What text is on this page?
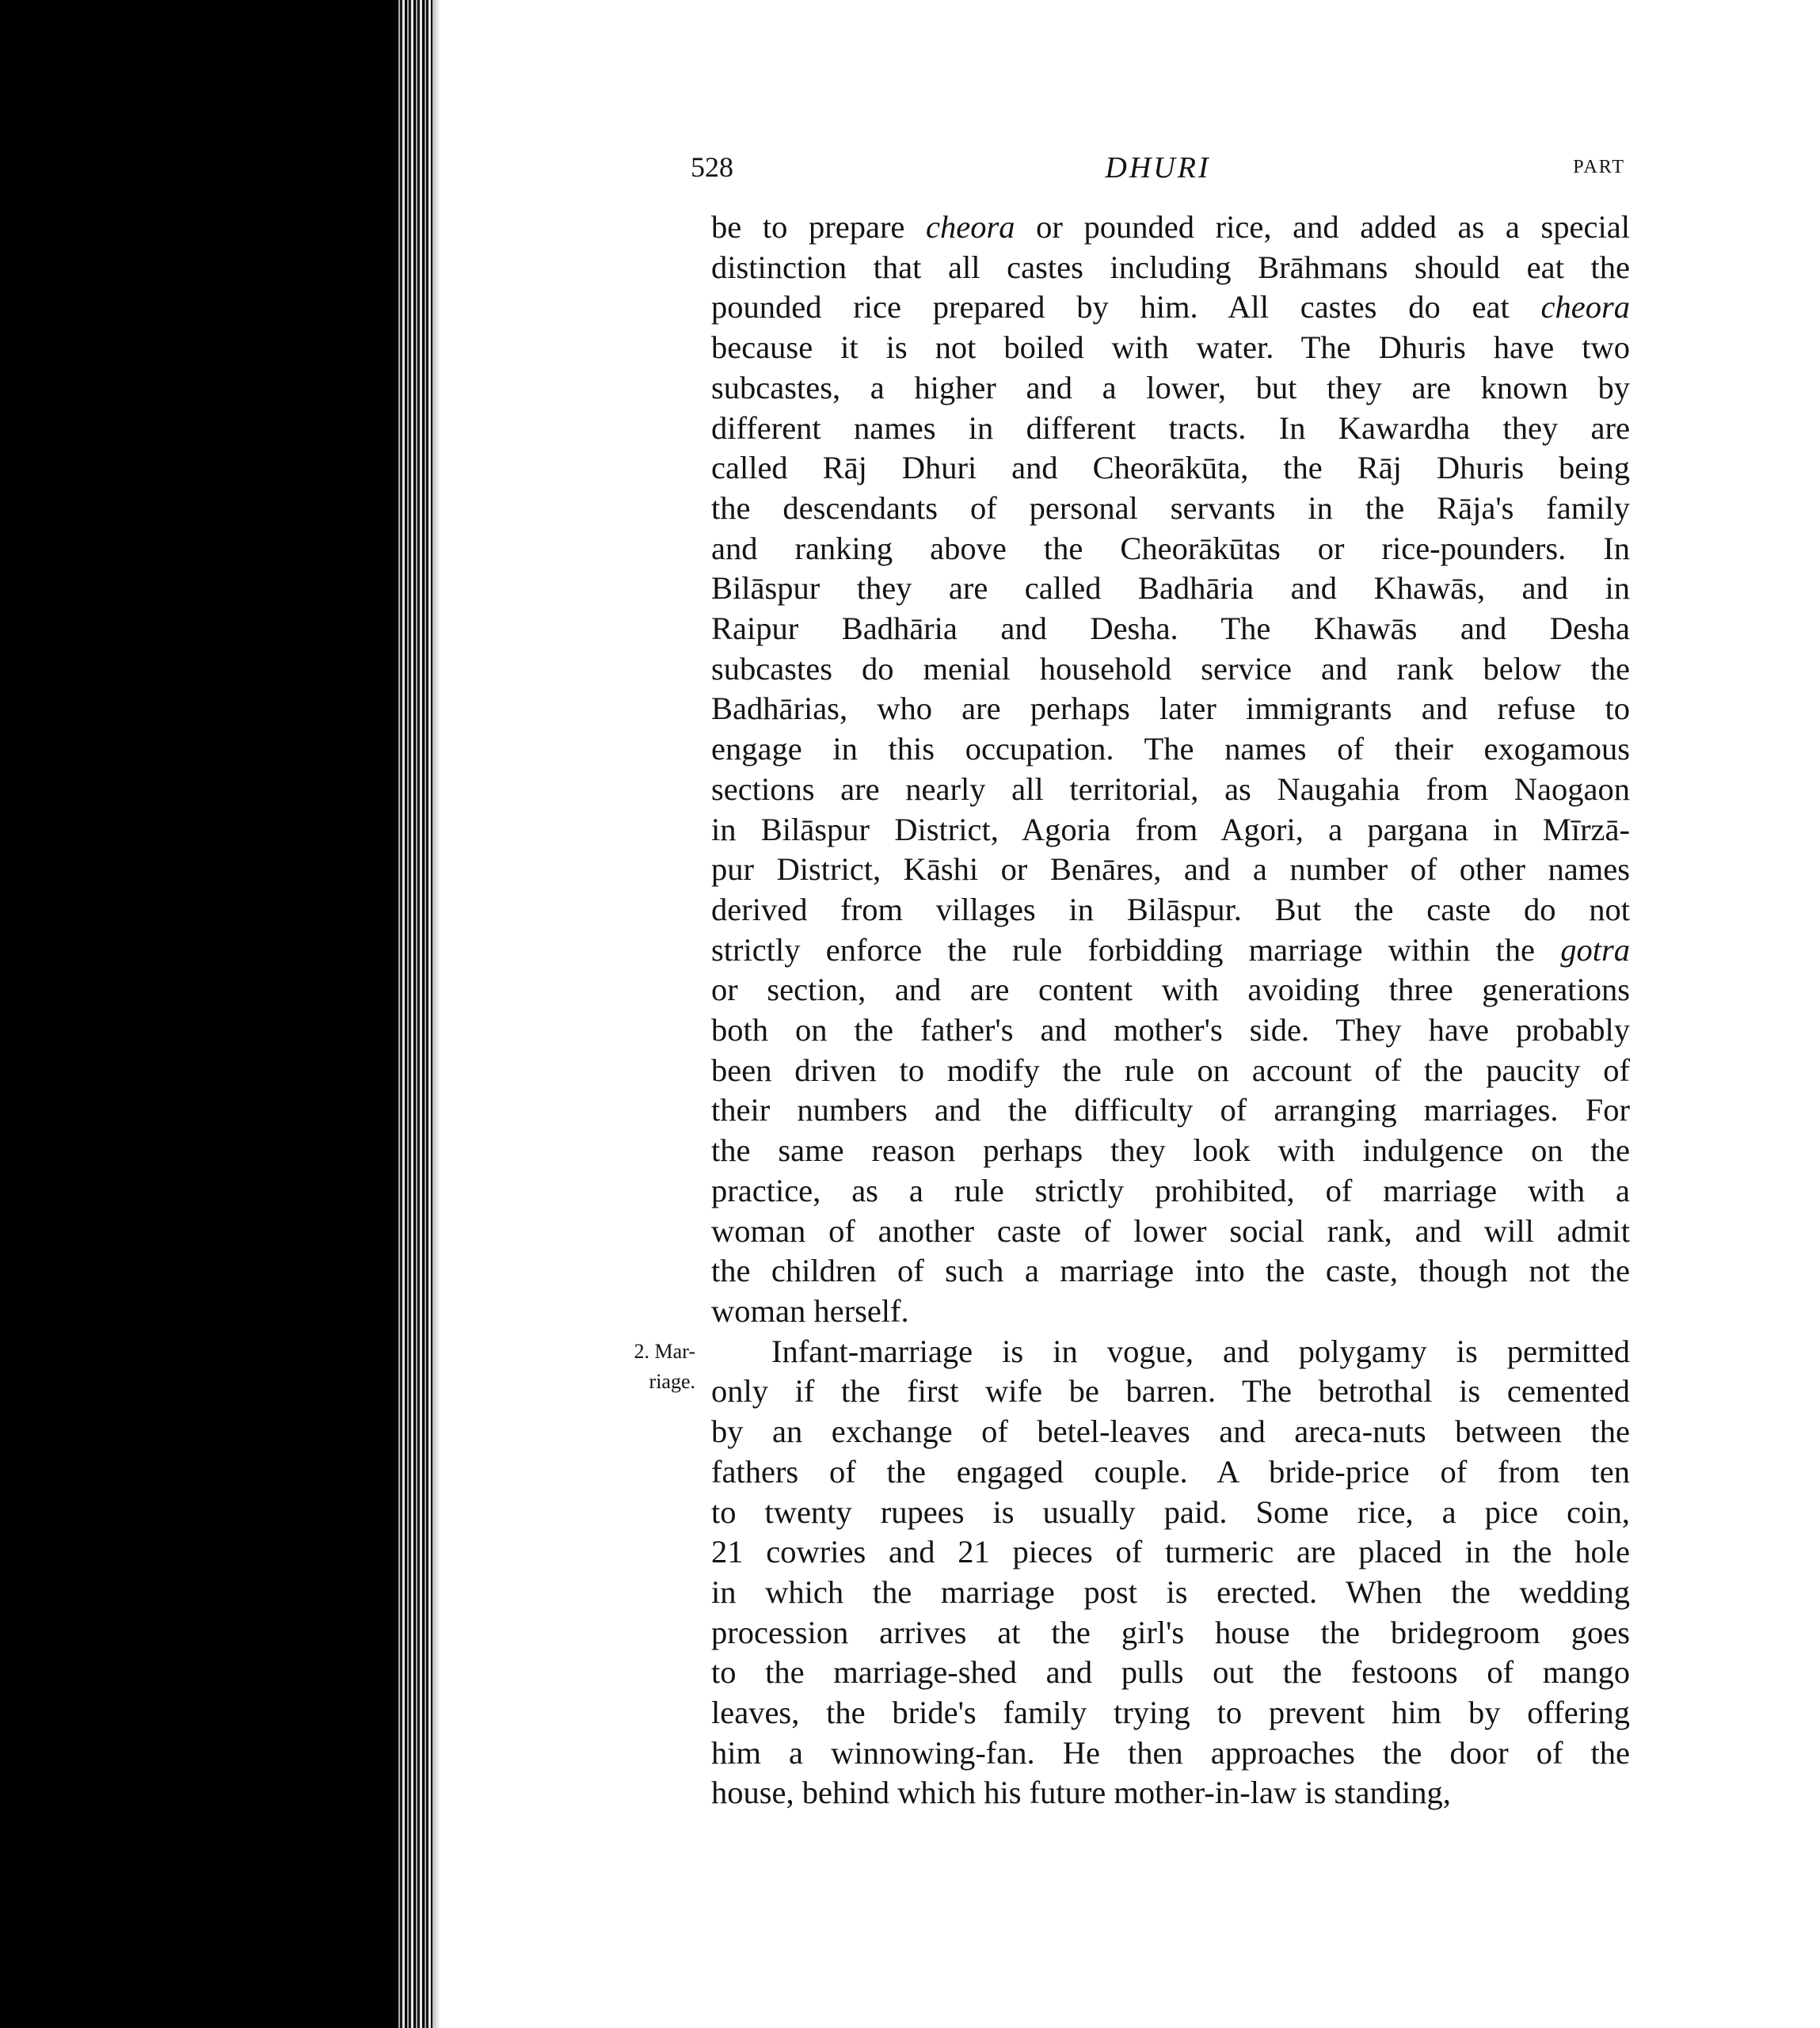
528	DHURI	PART
2. Mar-
riage.

be to prepare cheora or pounded rice, and added as a special
distinction that all castes including Brāhmans should eat the
pounded rice prepared by him. All castes do eat cheora
because it is not boiled with water. The Dhuris have two
subcastes, a higher and a lower, but they are known by
different names in different tracts. In Kawardha they are
called Rāj Dhuri and Cheorākūta, the Rāj Dhuris being
the descendants of personal servants in the Rāja's family
and ranking above the Cheorākūtas or rice-pounders. In
Bilāspur they are called Badhāria and Khawās, and in
Raipur Badhāria and Desha. The Khawās and Desha
subcastes do menial household service and rank below the
Badhārias, who are perhaps later immigrants and refuse to
engage in this occupation. The names of their exogamous
sections are nearly all territorial, as Naugahia from Naogaon
in Bilāspur District, Agoria from Agori, a pargana in Mīrzā-
pur District, Kāshi or Benāres, and a number of other names
derived from villages in Bilāspur. But the caste do not
strictly enforce the rule forbidding marriage within the gotra
or section, and are content with avoiding three generations
both on the father's and mother's side. They have probably
been driven to modify the rule on account of the paucity of
their numbers and the difficulty of arranging marriages. For
the same reason perhaps they look with indulgence on the
practice, as a rule strictly prohibited, of marriage with a
woman of another caste of lower social rank, and will admit
the children of such a marriage into the caste, though not the
woman herself.

Infant-marriage is in vogue, and polygamy is permitted
only if the first wife be barren. The betrothal is cemented
by an exchange of betel-leaves and areca-nuts between the
fathers of the engaged couple. A bride-price of from ten
to twenty rupees is usually paid. Some rice, a pice coin,
21 cowries and 21 pieces of turmeric are placed in the hole
in which the marriage post is erected. When the wedding
procession arrives at the girl's house the bridegroom goes
to the marriage-shed and pulls out the festoons of mango
leaves, the bride's family trying to prevent him by offering
him a winnowing-fan. He then approaches the door of the
house, behind which his future mother-in-law is standing,
